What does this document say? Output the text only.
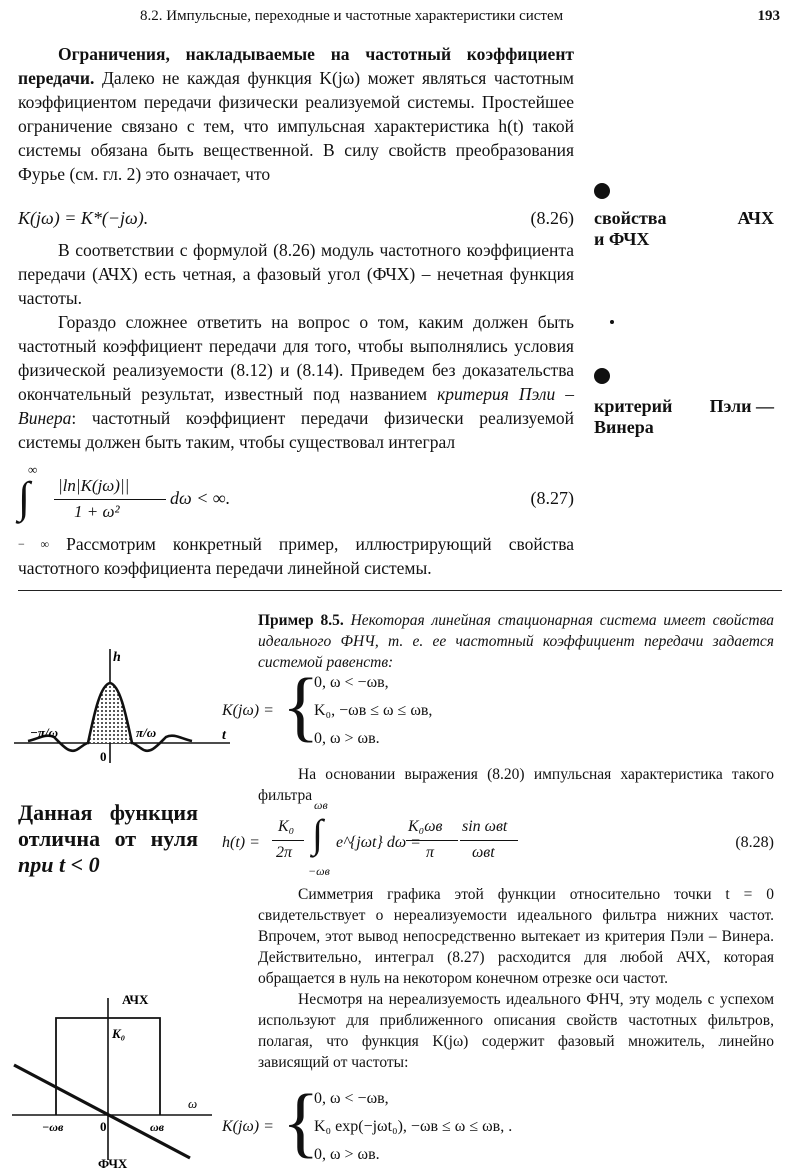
8.2. Импульсные, переходные и частотные характеристики систем	193

Ограничения, накладываемые на частотный коэффициент передачи. Далеко не каждая функция K(jω) может являться частотным коэффициентом передачи физически реализуемой системы. Простейшее ограничение связано с тем, что импульсная характеристика h(t) такой системы обязана быть вещественной. В силу свойств преобразования Фурье (см. гл. 2) это означает, что

K(jω) = K*(−jω).	(8.26)

В соответствии с формулой (8.26) модуль частотного коэффициента передачи (АЧХ) есть четная, а фазовый угол (ФЧХ) – нечетная функция частоты.

Гораздо сложнее ответить на вопрос о том, каким должен быть частотный коэффициент передачи для того, чтобы выполнялись условия физической реализуемости (8.12) и (8.14). Приведем без доказательства окончательный результат, известный под названием критерия Пэли – Винера: частотный коэффициент передачи физически реализуемой системы должен быть таким, чтобы существовал интеграл

∞
∫ |ln|K(jω)||
1 + ω²
dω < ∞.	(8.27)

− ∞ Рассмотрим конкретный пример, иллюстрирующий свойства частотного коэффициента передачи линейной системы.

свойства	АЧХ
и ФЧХ
критерий Пэли —
Винера
h
t
−π/ω	π/ω
0
Данная функция
отлична от нуля
при t < 0

Пример 8.5. Некоторая линейная стационарная система имеет свойства идеального ФНЧ, т. е. ее частотный коэффициент передачи задается системой равенств:

K(jω) = {
0, ω < −ωв,
K₀, −ωв ≤ ω ≤ ωв,
0, ω > ωв.

На основании выражения (8.20) импульсная характеристика такого фильтра

h(t) =
K₀
2π
ωв
∫
−ωв
e^{jωt} dω =
K₀ωв
π
sin ωвt
ωвt
(8.28)

Симметрия графика этой функции относительно точки t = 0 свидетельствует о нереализуемости идеального фильтра нижних частот. Впрочем, этот вывод непосредственно вытекает из критерия Пэли – Винера. Действительно, интеграл (8.27) расходится для любой АЧХ, которая обращается в нуль на некотором конечном отрезке оси частот.

Несмотря на нереализуемость идеального ФНЧ, эту модель с успехом используют для приближенного описания свойств частотных фильтров, полагая, что функция K(jω) содержит фазовый множитель, линейно зависящий от частоты:

K(jω) = {
0, ω < −ωв,
K₀ exp(−jωt₀), −ωв ≤ ω ≤ ωв, .
0, ω > ωв.
АЧХ
K₀
ω
−ωв	0	ωв
ФЧХ
